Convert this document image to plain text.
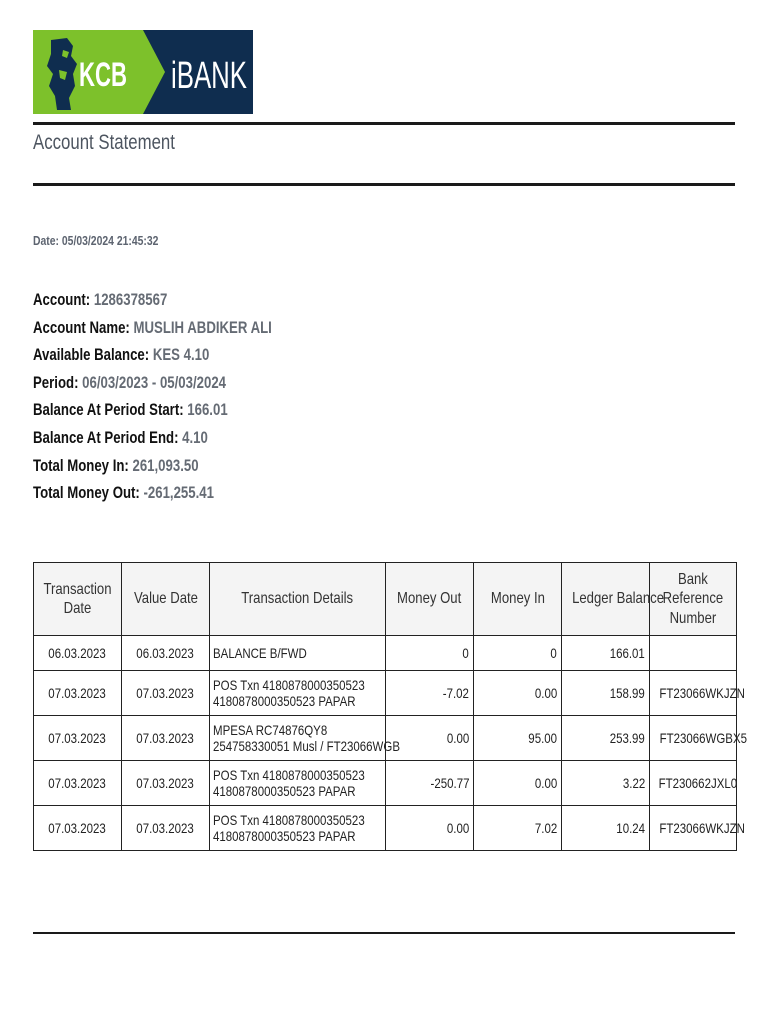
KCB iBANK
Account Statement
Date: 05/03/2024 21:45:32
Account: 1286378567
Account Name: MUSLIH ABDIKER ALI
Available Balance: KES 4.10
Period: 06/03/2023 - 05/03/2024
Balance At Period Start: 166.01
Balance At Period End: 4.10
Total Money In: 261,093.50
Total Money Out: -261,255.41
Transaction
Date	Value Date	Transaction Details	Money Out	Money In	Ledger Balance	Bank
Reference
Number
06.03.2023	06.03.2023	BALANCE B/FWD	0	0	166.01	
07.03.2023	07.03.2023	POS Txn 4180878000350523
4180878000350523 PAPAR	-7.02	0.00	158.99	FT23066WKJZN
07.03.2023	07.03.2023	MPESA RC74876QY8
254758330051 Musl / FT23066WGB	0.00	95.00	253.99	FT23066WGBX5
07.03.2023	07.03.2023	POS Txn 4180878000350523
4180878000350523 PAPAR	-250.77	0.00	3.22	FT230662JXL0
07.03.2023	07.03.2023	POS Txn 4180878000350523
4180878000350523 PAPAR	0.00	7.02	10.24	FT23066WKJZN
